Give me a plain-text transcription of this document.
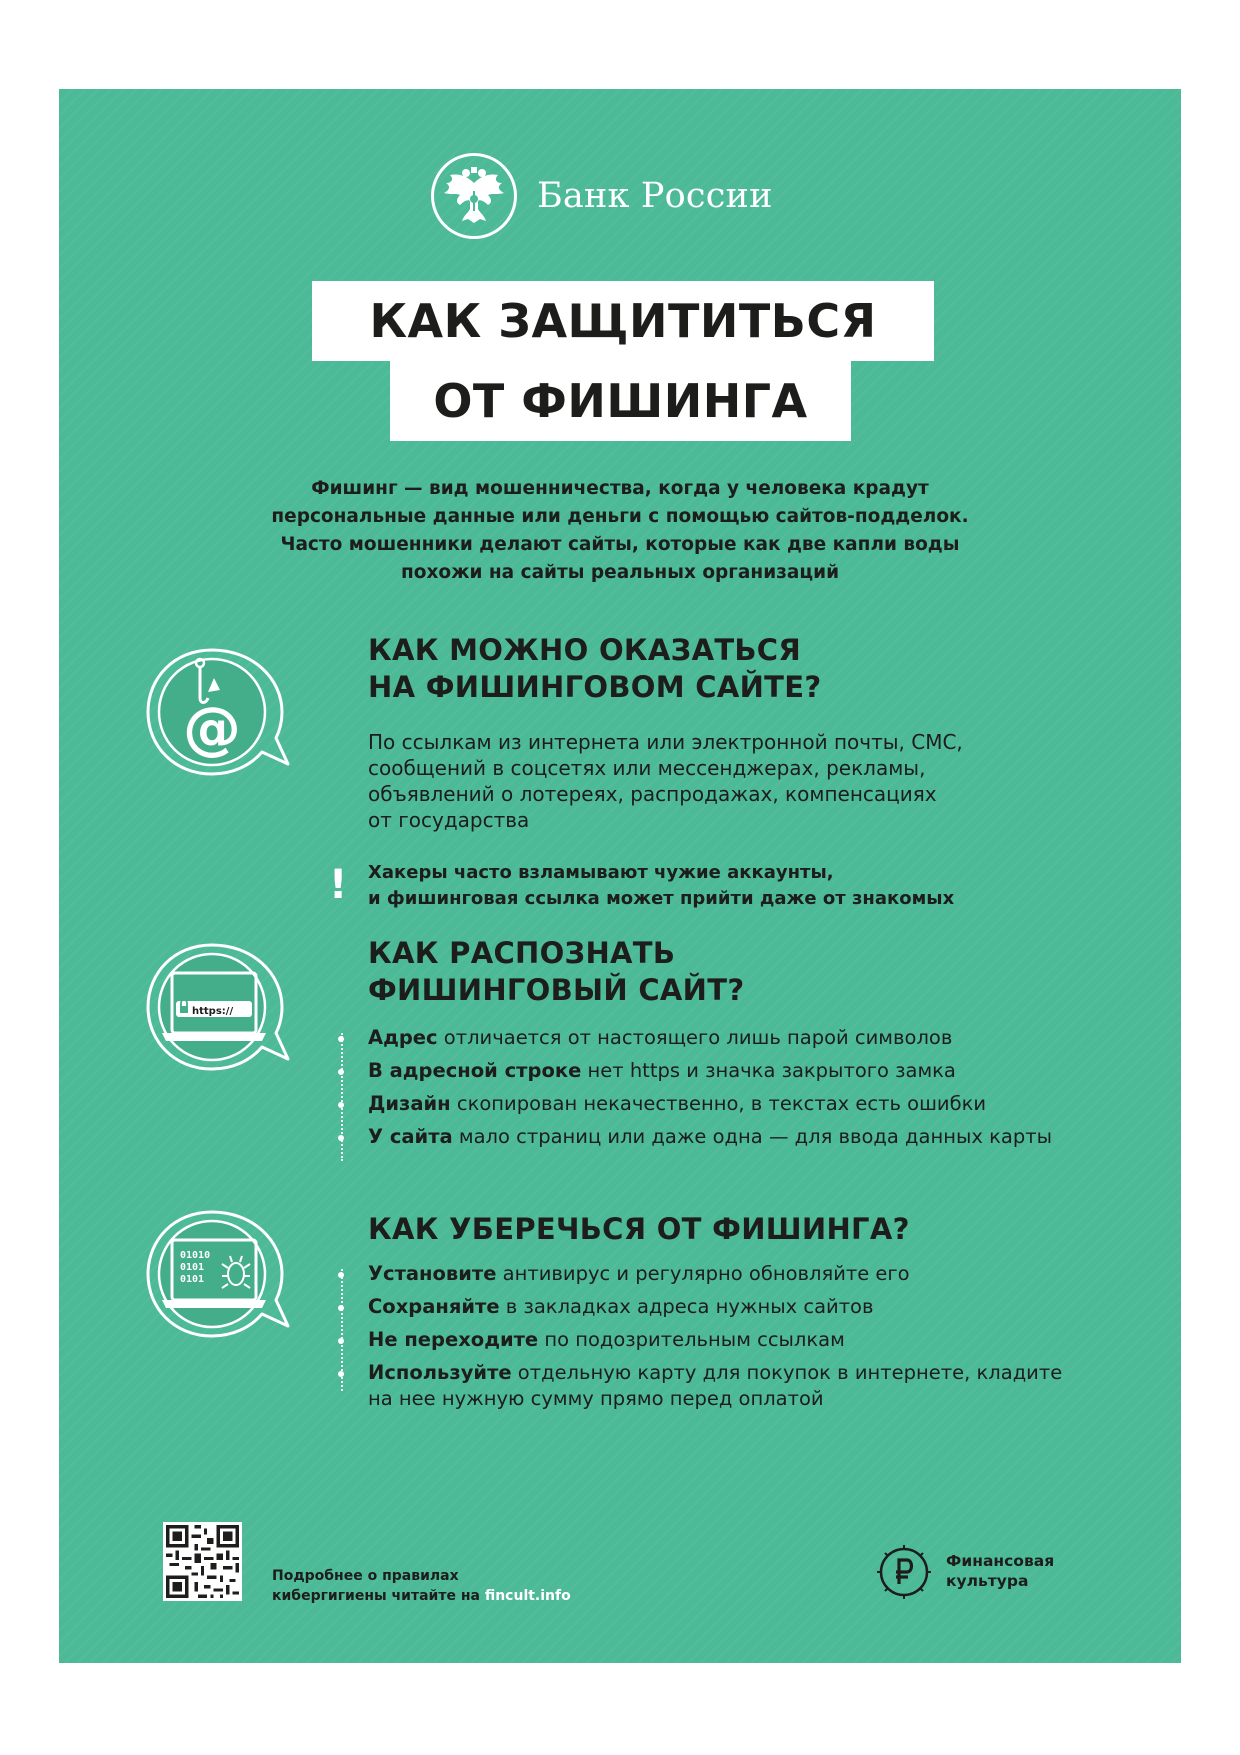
Банк России
КАК ЗАЩИТИТЬСЯ
ОТ ФИШИНГА
Фишинг — вид мошенничества, когда у человека крадут
персональные данные или деньги с помощью сайтов-подделок.
Часто мошенники делают сайты, которые как две капли воды
похожи на сайты реальных организаций
@
КАК МОЖНО ОКАЗАТЬСЯ
НА ФИШИНГОВОМ САЙТЕ?
По ссылкам из интернета или электронной почты, СМС,
сообщений в соцсетях или мессенджерах, рекламы,
объявлений о лотереях, распродажах, компенсациях
от государства
! Хакеры часто взламывают чужие аккаунты,
и фишинговая ссылка может прийти даже от знакомых
https://
КАК РАСПОЗНАТЬ
ФИШИНГОВЫЙ САЙТ?
Адрес отличается от настоящего лишь парой символов
В адресной строке нет https и значка закрытого замка
Дизайн скопирован некачественно, в текстах есть ошибки
У сайта мало страниц или даже одна — для ввода данных карты
01010
0101
0101
КАК УБЕРЕЧЬСЯ ОТ ФИШИНГА?
Установите антивирус и регулярно обновляйте его
Сохраняйте в закладках адреса нужных сайтов
Не переходите по подозрительным ссылкам
Используйте отдельную карту для покупок в интернете, кладите на нее нужную сумму прямо перед оплатой
Подробнее о правилах
кибергигиены читайте на fincult.info
Финансовая
культура
